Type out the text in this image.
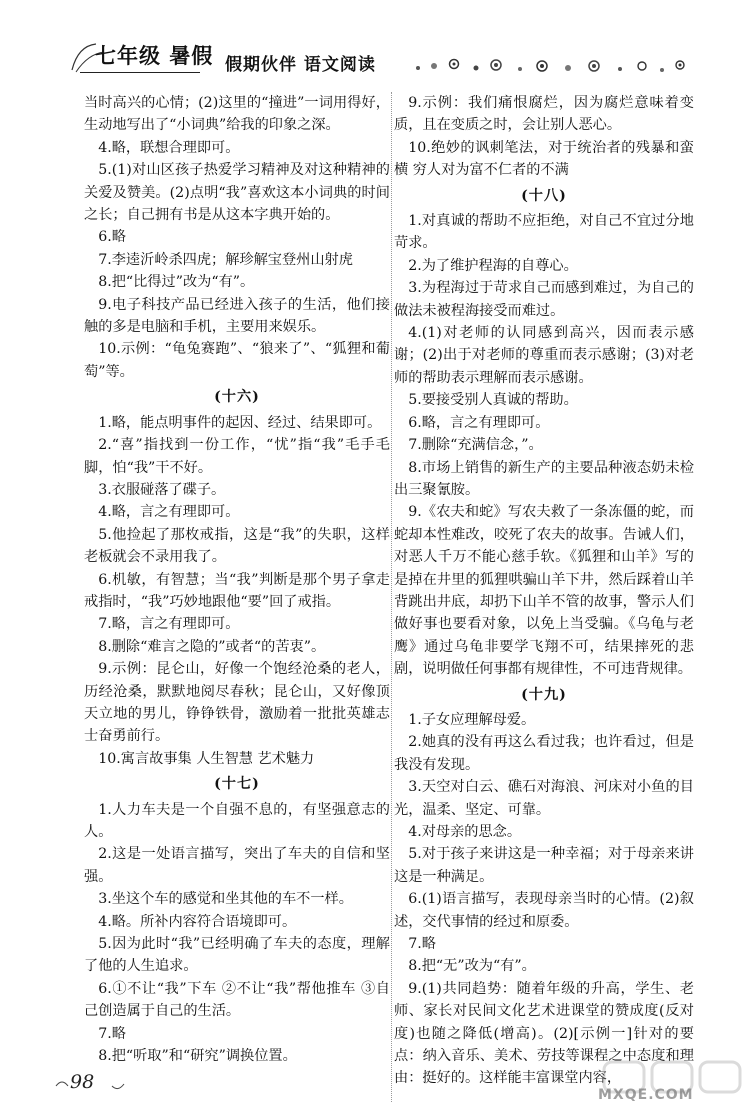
七年级 暑假 假期伙伴 语文阅读

当时高兴的心情；(2)这里的“撞进”一词用得好，生动地写出了“小词典”给我的印象之深。

4.略，联想合理即可。

5.(1)对山区孩子热爱学习精神及对这种精神的关爱及赞美。(2)点明“我”喜欢这本小词典的时间之长；自己拥有书是从这本字典开始的。

6.略

7.李逵沂岭杀四虎；解珍解宝登州山射虎

8.把“比得过”改为“有”。

9.电子科技产品已经进入孩子的生活，他们接触的多是电脑和手机，主要用来娱乐。

10.示例：“龟兔赛跑”、“狼来了”、“狐狸和葡萄”等。

(十六)

1.略，能点明事件的起因、经过、结果即可。

2.“喜”指找到一份工作，“忧”指“我”毛手毛脚，怕“我”干不好。

3.衣服碰落了碟子。

4.略，言之有理即可。

5.他捡起了那枚戒指，这是“我”的失职，这样老板就会不录用我了。

6.机敏，有智慧；当“我”判断是那个男子拿走戒指时，“我”巧妙地跟他“要”回了戒指。

7.略，言之有理即可。

8.删除“难言之隐的”或者“的苦衷”。

9.示例：昆仑山，好像一个饱经沧桑的老人，历经沧桑，默默地阅尽春秋；昆仑山，又好像顶天立地的男儿，铮铮铁骨，激励着一批批英雄志士奋勇前行。

10.寓言故事集 人生智慧 艺术魅力

(十七)

1.人力车夫是一个自强不息的，有坚强意志的人。

2.这是一处语言描写，突出了车夫的自信和坚强。

3.坐这个车的感觉和坐其他的车不一样。

4.略。所补内容符合语境即可。

5.因为此时“我”已经明确了车夫的态度，理解了他的人生追求。

6.①不让“我”下车 ②不让“我”帮他推车 ③自己创造属于自己的生活。

7.略

8.把“听取”和“研究”调换位置。

9.示例：我们痛恨腐烂，因为腐烂意味着变质，且在变质之时，会让别人恶心。

10.绝妙的讽刺笔法，对于统治者的残暴和蛮横 穷人对为富不仁者的不满

(十八)

1.对真诚的帮助不应拒绝，对自己不宜过分地苛求。

2.为了维护程海的自尊心。

3.为程海过于苛求自己而感到难过，为自己的做法未被程海接受而难过。

4.(1)对老师的认同感到高兴，因而表示感谢；(2)出于对老师的尊重而表示感谢；(3)对老师的帮助表示理解而表示感谢。

5.要接受别人真诚的帮助。

6.略，言之有理即可。

7.删除“充满信念，”。

8.市场上销售的新生产的主要品种液态奶未检出三聚氰胺。

9.《农夫和蛇》写农夫救了一条冻僵的蛇，而蛇却本性难改，咬死了农夫的故事。告诫人们，对恶人千万不能心慈手软。《狐狸和山羊》写的是掉在井里的狐狸哄骗山羊下井，然后踩着山羊背跳出井底，却扔下山羊不管的故事，警示人们做好事也要看对象，以免上当受骗。《乌龟与老鹰》通过乌龟非要学飞翔不可，结果摔死的悲剧，说明做任何事都有规律性，不可违背规律。

(十九)

1.子女应理解母爱。

2.她真的没有再这么看过我；也许看过，但是我没有发现。

3.天空对白云、礁石对海浪、河床对小鱼的目光，温柔、坚定、可靠。

4.对母亲的思念。

5.对于孩子来讲这是一种幸福；对于母亲来讲这是一种满足。

6.(1)语言描写，表现母亲当时的心情。(2)叙述，交代事情的经过和原委。

7.略

8.把“无”改为“有”。

9.(1)共同趋势：随着年级的升高，学生、老师、家长对民间文化艺术进课堂的赞成度(反对度)也随之降低(增高)。(2)[示例一]针对的要点：纳入音乐、美术、劳技等课程之中态度和理由：挺好的。这样能丰富课堂内容，

98
MXQE.COM
